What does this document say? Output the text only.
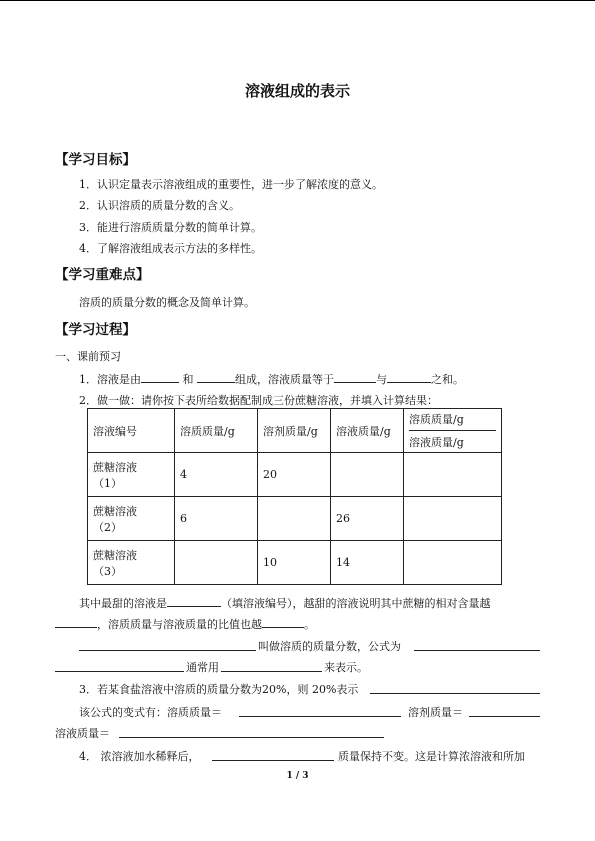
溶液组成的表示
【学习目标】
1．认识定量表示溶液组成的重要性，进一步了解浓度的意义。
2．认识溶质的质量分数的含义。
3．能进行溶质质量分数的简单计算。
4．了解溶液组成表示方法的多样性。
【学习重难点】
溶质的质量分数的概念及简单计算。
【学习过程】
一、课前预习
1．溶液是由	和	组成，溶液质量等于	与	之和。
2．做一做：请你按下表所给数据配制成三份蔗糖溶液，并填入计算结果：
溶液编号	溶质质量/g	溶剂质量/g	溶液质量/g	溶质质量/g
溶液质量/g

蔗糖溶液
（1）	4	20		
蔗糖溶液
（2）	6		26	
蔗糖溶液
（3）		10	14	
其中最甜的溶液是	（填溶液编号），越甜的溶液说明其中蔗糖的相对含量越
，溶质质量与溶液质量的比值也越	。
叫做溶质的质量分数，公式为
通常用	来表示。
3．若某食盐溶液中溶质的质量分数为20%，则 20%表示
该公式的变式有：溶质质量＝	溶剂质量＝
溶液质量＝
4． 浓溶液加水稀释后，	质量保持不变。这是计算浓溶液和所加
1 / 3
